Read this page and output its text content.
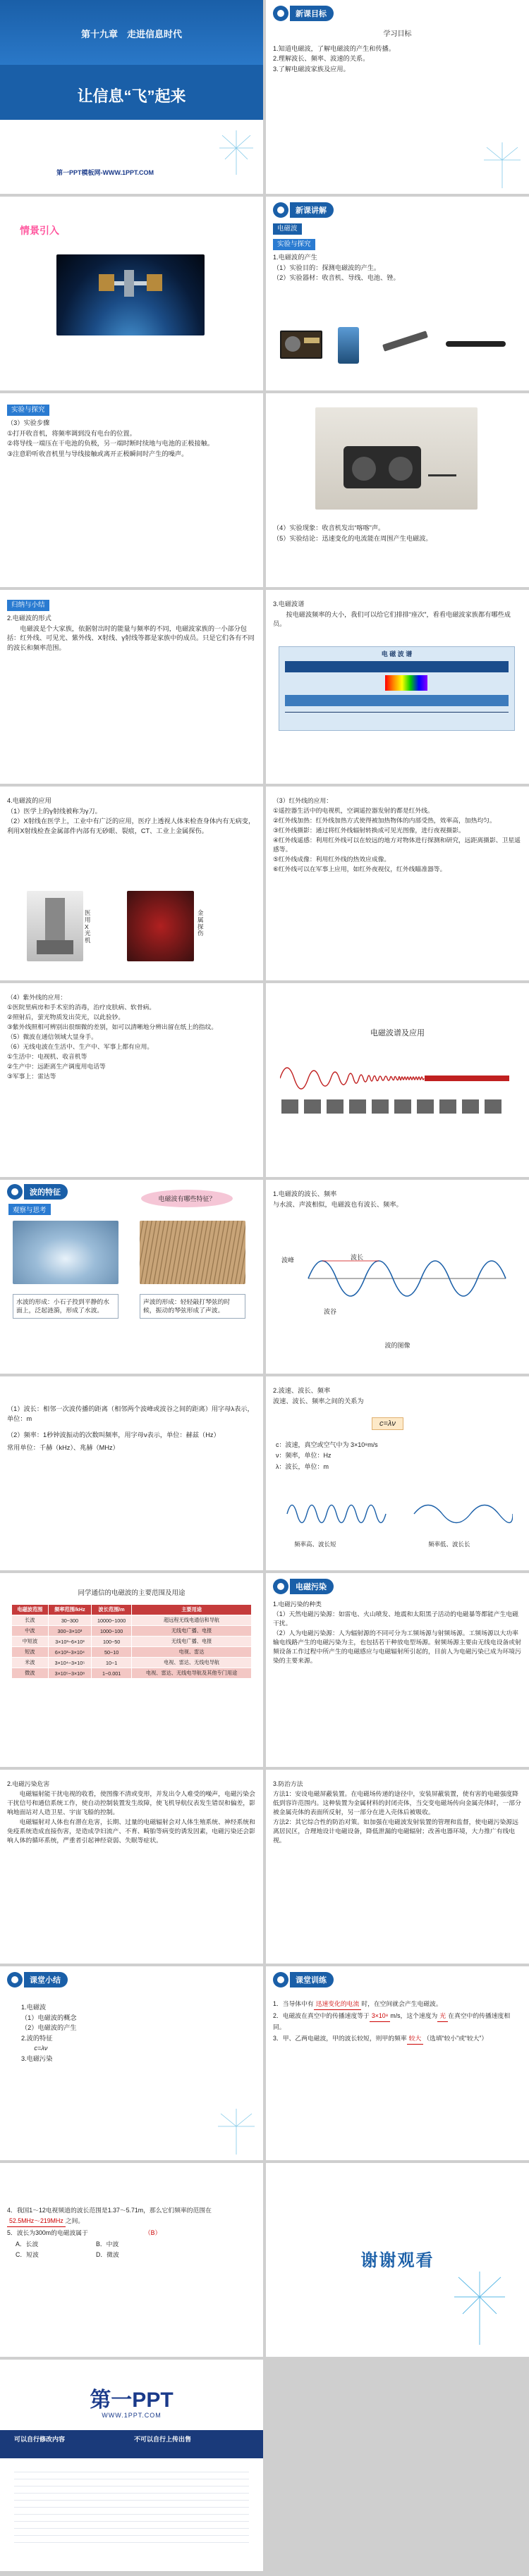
第十九章　走进信息时代
让信息“飞”起来
第一PPT模板网-WWW.1PPT.COM
新课目标

学习目标

1.知道电磁波，了解电磁波的产生和传播。

2.理解波长、频率、波速的关系。

3.了解电磁波家族及应用。

情景引入
新课讲解
电磁波
实验与探究

1.电磁波的产生

（1）实验目的：探测电磁波的产生。

（2）实验器材：收音机、导线、电池、锉。

实验与探究

（3）实验步骤

①打开收音机，将频率调到没有电台的位置。

②将导线一端压在干电池的负极，另一端时断时续地与电池的正极接触。

③注意聆听收音机里与导线接触或离开正极瞬间时产生的噪声。

（4）实验现象：收音机发出“喀喀”声。

（5）实验结论：迅速变化的电流能在周围产生电磁波。

归纳与小结

2.电磁波的形式

电磁波是个大家族，依据射出时的能量与频率的不同，电磁波家族的一小部分包括：红外线、可见光、紫外线、X射线、γ射线等都是家族中的成员。只是它们各有不同的波长和频率范围。

3.电磁波谱

按电磁波频率的大小，我们可以给它们排排“座次”，看看电磁波家族都有哪些成员。

电 磁 波 谱

4.电磁波的应用

（1）医学上的γ射线被称为γ刀。

（2）X射线在医学上，工业中有广泛的应用，医疗上透视人体来检查身体内有无病变，利用X射线检查金属部件内部有无砂眼、裂痕，CT、工业上金属探伤。

医用X光机
金属探伤

（3）红外线的应用：

①遥控器生活中的电视机，空调遥控器发射的都是红外线。

②红外线加热：红外线加热方式使得被加热物体的内部受热，效率高，加热均匀。

③红外线摄影：通过将红外线辐射转换成可见光图像，进行夜视摄影。

④红外线遥感：利用红外线可以在较远的地方对物体进行探测和研究，远距离摄影、卫星遥感等。

⑤红外线成像：利用红外线的热效应成像。

⑥红外线可以在军事上应用，如红外夜视仪，红外线瞄准器等。

（4）紫外线的应用：

①医院里病房和手术室的消毒，治疗皮肤病、软骨病。

②照射后，萤光物质发出荧光，以此验钞。

③紫外线照相可辨别出很细微的差别，如可以清晰地分辨出留在纸上的指纹。

（5）微波在通信领域大显身手。

（6）无线电波在生活中、生产中、军事上都有应用。

①生活中：电视机、收音机等

②生产中：远距离生产调度用电话等

③军事上：雷达等

电磁波谱及应用
波的特征
观察与思考
电磁波有哪些特征？
水波的形成：小石子投到平静的水面上，泛起涟漪，形成了水波。
声波的形成：轻轻敲打琴弦的时候，振动的琴弦形成了声波。

1.电磁波的波长、频率

与水波、声波相似，电磁波也有波长、频率。

波峰	波长
波谷
波的图像

（1）波长：相邻一次波传播的距离（相邻两个波峰或波谷之间的距离）用字母λ表示，单位：m

（2）频率：1秒钟波振动的次数叫频率，用字母ν表示，单位：赫兹（Hz）

常用单位：千赫（kHz）、兆赫（MHz）

2.波速、波长、频率

波速、波长、频率之间的关系为

c=λν

c：波速，真空或空气中为 3×10⁸m/s

ν：频率，单位：Hz

λ：波长，单位：m

频率高、波长短	频率低、波长长
同学通信的电磁波的主要范围及用途
电磁波范围	频率范围/kHz	波长范围/m	主要用途
长波	30~300	10000~1000	超远程无线电通信和导航
中波	300~3×10³	1000~100	无线电广播、电报
中短波	3×10³~6×10³	100~50	无线电广播、电报
短波	6×10³~3×10⁴	50~10	电视、雷达
米波	3×10⁴~3×10⁵	10~1	电视、雷达、无线电导航
微波	3×10⁵~3×10⁸	1~0.001	电视、雷达、无线电导航及其他专门用途
电磁污染

1.电磁污染的种类

（1）天然电磁污染源：如雷电、火山喷发、地震和太阳黑子活动的电磁暴等都能产生电磁干扰。

（2）人为电磁污染源：人为辐射源的不同可分为工频场源与射频场源。工频场源以大功率输电线路产生的电磁污染为主，也包括若干种放电型场源。射频场源主要由无线电设备或射频设备工作过程中所产生的电磁感应与电磁辐射所引起的，目前人为电磁污染已成为环境污染的主要来源。

2.电磁污染危害

电磁辐射能干扰电视的收看，使图像不清或变形，并发出令人难受的噪声，电磁污染会干扰信号和通信系统工作，使自动控制装置发生故障，使飞机导航仪表发生错误和偏差，影响地面站对人造卫星、宇宙飞船的控制。

电磁辐射对人体也有潜在危害，长期、过量的电磁辐射会对人体生殖系统、神经系统和免疫系统造成直接伤害，是造成孕妇流产、不育、畸胎等病变的诱发因素，电磁污染还会影响人体的循环系统，严重者引起神经衰弱、失眠等症状。

3.防治方法

方法1：安设电磁屏蔽装置。在电磁场传递的途径中，安装屏蔽装置，使有害的电磁强度降低到容许范围内。这种装置为金属材料的封闭壳体，当交变电磁场传向金属壳体时，一部分被金属壳体的表面所反射，另一部分在进入壳体后被吸收。

方法2：其它综合性的防治对策。如加强在电磁波发射装置的管理和监督，使电磁污染源远离居民区，合理地设计电磁设备，降低泄漏的电磁辐射；改善电器环境，大力推广有线电视。

课堂小结

1.电磁波

（1）电磁波的概念

（2）电磁波的产生

2.波的特征

c=λν

3.电磁污染

课堂训练

1．当导体中有 迅速变化的电流 时，在空间就会产生电磁波。

2．电磁波在真空中的传播速度等于 3×10⁸ m/s，这个速度为 光 在真空中的传播速度相同。

3．甲、乙两电磁波，甲的波长较短，则甲的频率 较大 （选填“较小”或“较大”）

4．我国1～12电视频道的波长范围是1.37～5.71m，那么它们频率的范围在52.5MHz～219MHz 之间。

5．波长为300m的电磁波属于	（B）

A．长波	B．中波
C．短波	D．微波	谢谢观看
第一PPT
WWW.1PPT.COM
可以自行修改内容	不可以自行上传出售
